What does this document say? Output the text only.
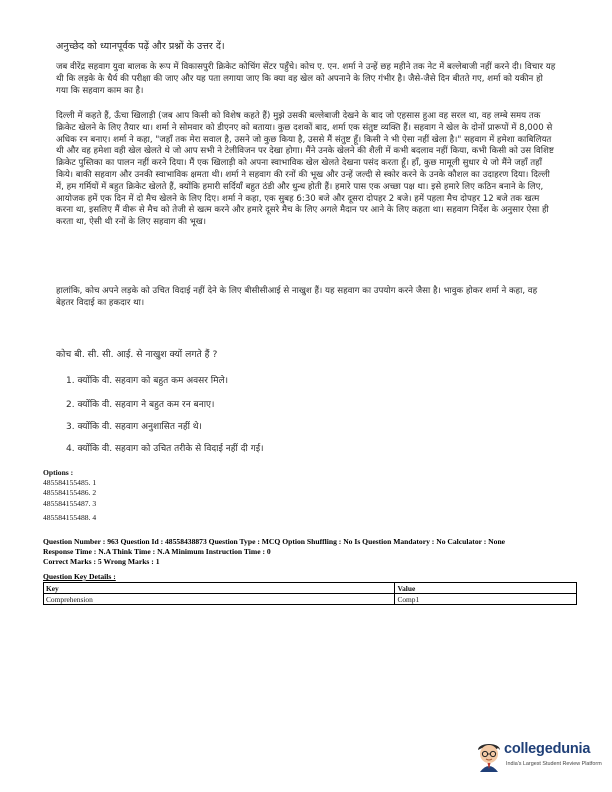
अनुच्छेद को ध्यानपूर्वक पढ़ें और प्रश्नों के उत्तर दें।

जब वीरेंद्र सहवाग युवा बालक के रूप में विकासपुरी क्रिकेट कोचिंग सेंटर पहुँचे। कोच ए. एन. शर्मा ने उन्हें छह महीने तक नेट में बल्लेबाजी नहीं करने दी। विचार यह थी कि लड़के के धैर्य की परीक्षा की जाए और यह पता लगाया जाए कि क्या वह खेल को अपनाने के लिए गंभीर है। जैसे-जैसे दिन बीतते गए, शर्मा को यकीन हो गया कि सहवाग काम का है।

दिल्ली में कहते हैं, ऊँचा खिलाड़ी (जब आप किसी को विशेष कहते हैं) मुझे उसकी बल्लेबाजी देखने के बाद जो एहसास हुआ वह सरल था, वह लम्बे समय तक क्रिकेट खेलने के लिए तैयार था। शर्मा ने सोमवार को डीएनए को बताया। कुछ दशकों बाद, शर्मा एक संतुष्ट व्यक्ति हैं। सहवाग ने खेल के दोनों प्रारूपों में 8,000 से अधिक रन बनाए। शर्मा ने कहा, "जहाँ तक मेरा सवाल है, उसने जो कुछ किया है, उससे मैं संतुष्ट हूँ। किसी ने भी ऐसा नहीं खेला है।" सहवाग में हमेशा काबिलियत थी और वह हमेशा वही खेल खेलते थे जो आप सभी ने टेलीविजन पर देखा होगा। मैंने उनके खेलने की शैली में कभी बदलाव नहीं किया, कभी किसी को उस विशिष्ट क्रिकेट पुस्तिका का पालन नहीं करने दिया। मैं एक खिलाड़ी को अपना स्वाभाविक खेल खेलते देखना पसंद करता हूँ। हाँ, कुछ मामूली सुधार थे जो मैंने जहाँ तहाँ किये। बाकी सहवाग और उनकी स्वाभाविक क्षमता थी। शर्मा ने सहवाग की रनों की भूख और उन्हें जल्दी से स्कोर करने के उनके कौशल का उदाहरण दिया। दिल्ली में, हम गर्मियों में बहुत क्रिकेट खेलते हैं, क्योंकि हमारी सर्दियाँ बहुत ठंडी और धुन्ध होती हैं। हमारे पास एक अच्छा पक्ष था। इसे हमारे लिए कठिन बनाने के लिए, आयोजक हमें एक दिन में दो मैच खेलने के लिए दिए। शर्मा ने कहा, एक सुबह 6:30 बजे और दूसरा दोपहर 2 बजे। हमें पहला मैच दोपहर 12 बजे तक खत्म करना था, इसलिए मैं वीरू से मैच को तेजी से खत्म करने और हमारे दूसरे मैच के लिए अगले मैदान पर आने के लिए कहता था। सहवाग निर्देश के अनुसार ऐसा ही करता था, ऐसी थी रनों के लिए सहवाग की भूख।

हालांकि, कोच अपने लड़के को उचित विदाई नहीं देने के लिए बीसीसीआई से नाखुश हैं। यह सहवाग का उपयोग करने जैसा है। भावुक होकर शर्मा ने कहा, वह बेहतर विदाई का हकदार था।

कोच बी. सी. सी. आई. से नाखुश क्यों लगते हैं ?
1. क्योंकि वी. सहवाग को बहुत कम अवसर मिले।
2. क्योंकि वी. सहवाग ने बहुत कम रन बनाए।
3. क्योंकि वी. सहवाग अनुशासित नहीं थे।
4. क्योंकि वी. सहवाग को उचित तरीके से विदाई नहीं दी गई।
Options :
485584155485. 1
485584155486. 2
485584155487. 3
485584155488. 4
Question Number : 963 Question Id : 48558438873 Question Type : MCQ Option Shuffling : No Is Question Mandatory : No Calculator : None
Response Time : N.A Think Time : N.A Minimum Instruction Time : 0
Correct Marks : 5 Wrong Marks : 1
Question Key Details :
Key	Value
Comprehension	Comp1
collegedunia
India's Largest Student Review Platform
